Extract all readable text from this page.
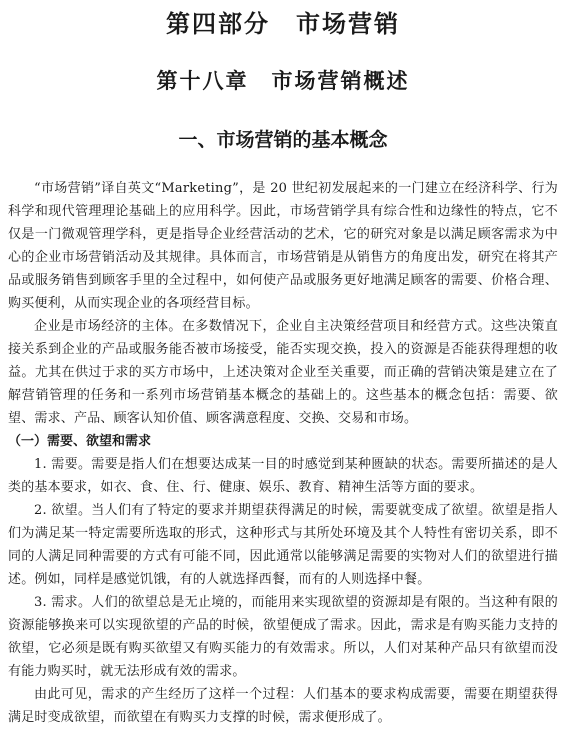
第四部分　市场营销
第十八章　市场营销概述
一、市场营销的基本概念

“市场营销”译自英文“Marketing”，是 20 世纪初发展起来的一门建立在经济科学、行为科学和现代管理理论基础上的应用科学。因此，市场营销学具有综合性和边缘性的特点，它不仅是一门微观管理学科，更是指导企业经营活动的艺术，它的研究对象是以满足顾客需求为中心的企业市场营销活动及其规律。具体而言，市场营销是从销售方的角度出发，研究在将其产品或服务销售到顾客手里的全过程中，如何使产品或服务更好地满足顾客的需要、价格合理、购买便利，从而实现企业的各项经营目标。

企业是市场经济的主体。在多数情况下，企业自主决策经营项目和经营方式。这些决策直接关系到企业的产品或服务能否被市场接受，能否实现交换，投入的资源是否能获得理想的收益。尤其在供过于求的买方市场中，上述决策对企业至关重要，而正确的营销决策是建立在了解营销管理的任务和一系列市场营销基本概念的基础上的。这些基本的概念包括：需要、欲望、需求、产品、顾客认知价值、顾客满意程度、交换、交易和市场。

（一）需要、欲望和需求

1. 需要。需要是指人们在想要达成某一目的时感觉到某种匮缺的状态。需要所描述的是人类的基本要求，如衣、食、住、行、健康、娱乐、教育、精神生活等方面的要求。

2. 欲望。当人们有了特定的要求并期望获得满足的时候，需要就变成了欲望。欲望是指人们为满足某一特定需要所选取的形式，这种形式与其所处环境及其个人特性有密切关系，即不同的人满足同种需要的方式有可能不同，因此通常以能够满足需要的实物对人们的欲望进行描述。例如，同样是感觉饥饿，有的人就选择西餐，而有的人则选择中餐。

3. 需求。人们的欲望总是无止境的，而能用来实现欲望的资源却是有限的。当这种有限的资源能够换来可以实现欲望的产品的时候，欲望便成了需求。因此，需求是有购买能力支持的欲望，它必须是既有购买欲望又有购买能力的有效需求。所以，人们对某种产品只有欲望而没有能力购买时，就无法形成有效的需求。

由此可见，需求的产生经历了这样一个过程：人们基本的要求构成需要，需要在期望获得满足时变成欲望，而欲望在有购买力支撑的时候，需求便形成了。
